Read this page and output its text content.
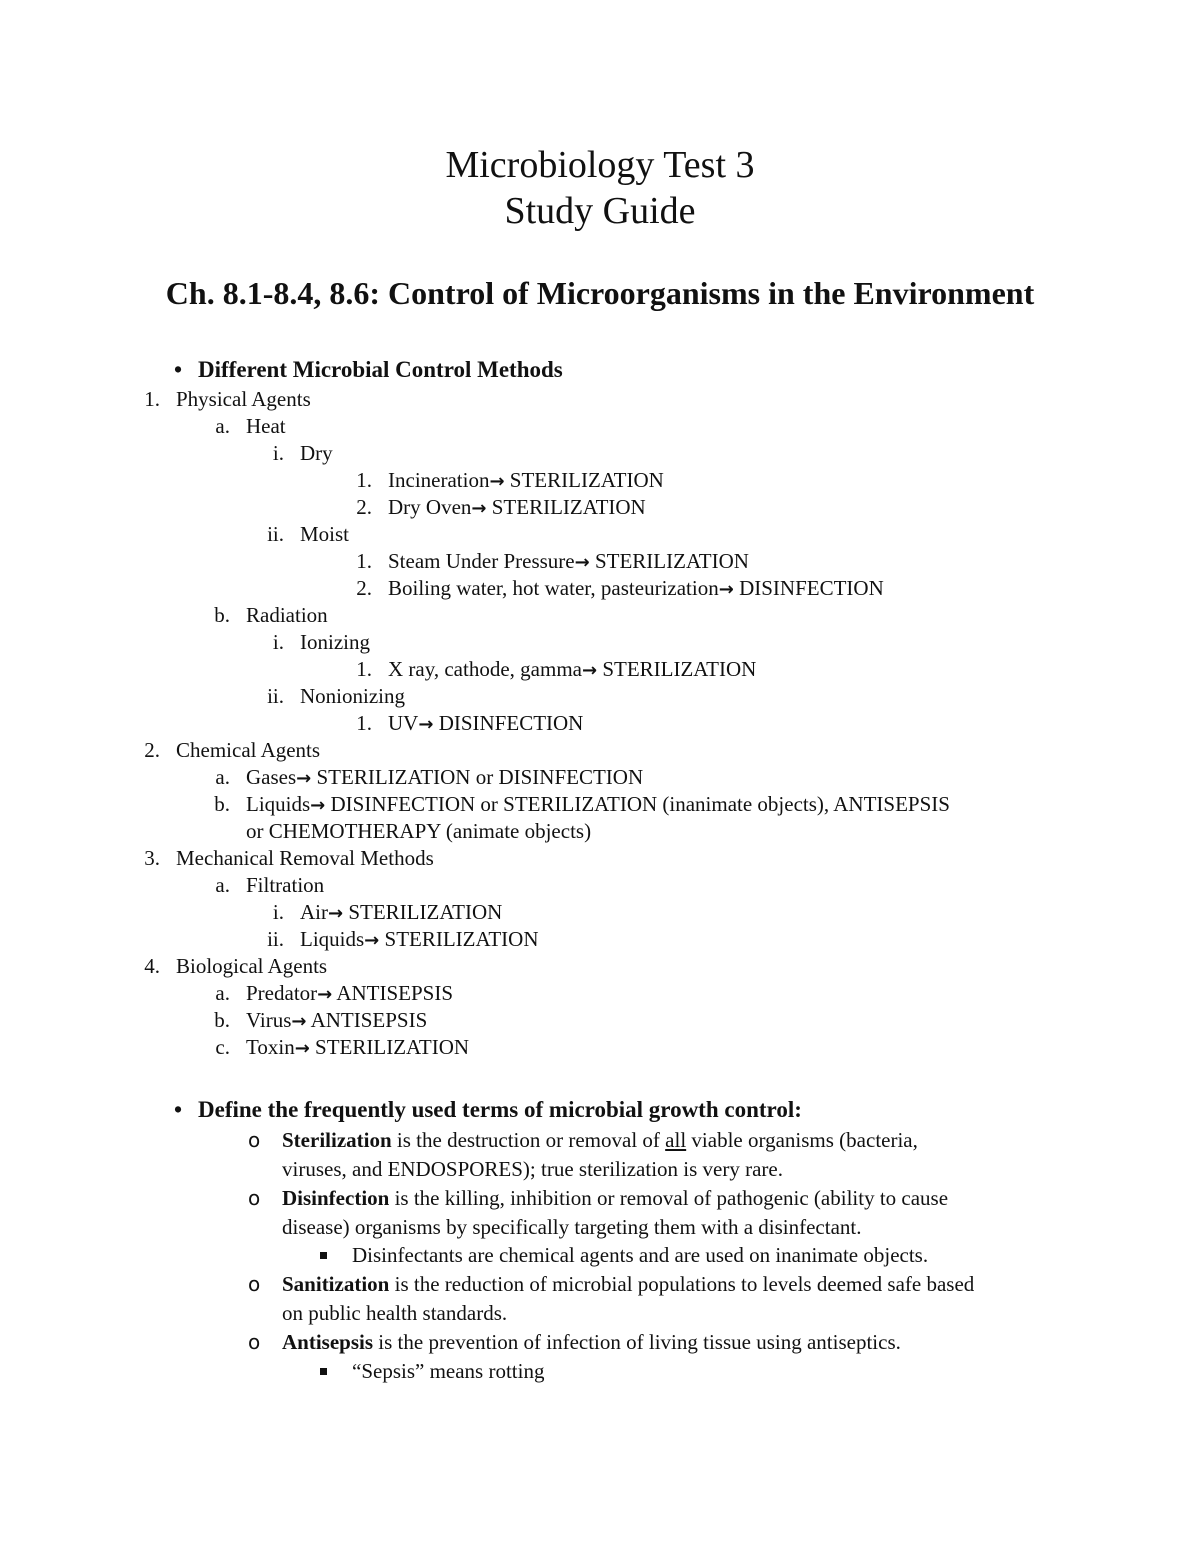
Microbiology Test 3
Study Guide
Ch. 8.1-8.4, 8.6: Control of Microorganisms in the Environment
• Different Microbial Control Methods
1. Physical Agents
a. Heat
i. Dry
1. Incineration→ STERILIZATION
2. Dry Oven→ STERILIZATION
ii. Moist
1. Steam Under Pressure→ STERILIZATION
2. Boiling water, hot water, pasteurization→ DISINFECTION
b. Radiation
i. Ionizing
1. X ray, cathode, gamma→ STERILIZATION
ii. Nonionizing
1. UV→ DISINFECTION
2. Chemical Agents
a. Gases→ STERILIZATION or DISINFECTION
b. Liquids→ DISINFECTION or STERILIZATION (inanimate objects), ANTISEPSIS
or CHEMOTHERAPY (animate objects)
3. Mechanical Removal Methods
a. Filtration
i. Air→ STERILIZATION
ii. Liquids→ STERILIZATION
4. Biological Agents
a. Predator→ ANTISEPSIS
b. Virus→ ANTISEPSIS
c. Toxin→ STERILIZATION
• Define the frequently used terms of microbial growth control:
o Sterilization is the destruction or removal of all viable organisms (bacteria,
viruses, and ENDOSPORES); true sterilization is very rare.
o Disinfection is the killing, inhibition or removal of pathogenic (ability to cause
disease) organisms by specifically targeting them with a disinfectant.
Disinfectants are chemical agents and are used on inanimate objects.
o Sanitization is the reduction of microbial populations to levels deemed safe based
on public health standards.
o Antisepsis is the prevention of infection of living tissue using antiseptics.
“Sepsis” means rotting
